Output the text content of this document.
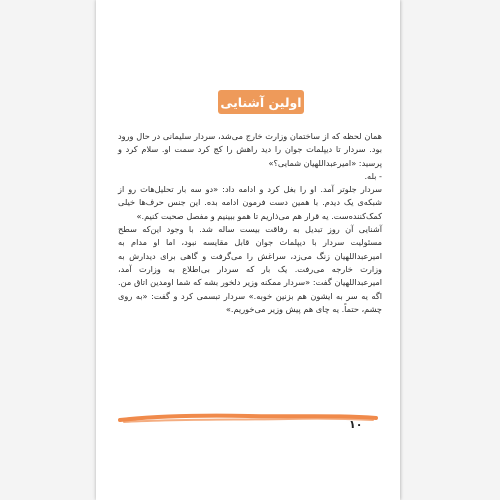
اولین آشنایی

همان لحظه که از ساختمان وزارت خارج می‌شد، سردار سلیمانی در حال ورود بود. سردار تا دیپلمات جوان را دید راهش را کج کرد سمت او. سلام کرد و پرسید: «امیرعبداللهیان شمایی؟»

- بله.

سردار جلوتر آمد. او را بغل کرد و ادامه داد: «دو سه بار تحلیل‌هات رو از شبکه‌ی یک دیدم. با همین دست فرمون ادامه بده. این جنس حرف‌ها خیلی کمک‌کننده‌ست. یه قرار هم می‌ذاریم تا همو ببینیم و مفصل صحبت کنیم.»

آشنایی آن روز تبدیل به رفاقت بیست ساله شد. با وجود این‌که سطح مسئولیت سردار با دیپلمات جوان قابل مقایسه نبود، اما او مدام به امیرعبداللهیان زنگ می‌زد، سراغش را می‌گرفت و گاهی برای دیدارش به وزارت خارجه می‌رفت. یک بار که سردار بی‌اطلاع به وزارت آمد، امیرعبداللهیان گفت: «سردار ممکنه وزیر دلخور بشه که شما اومدین اتاق من. اگه یه سر به ایشون هم بزنین خوبه.» سردار تبسمی کرد و گفت: «به روی چشم، حتماً. یه چای هم پیش وزیر می‌خوریم.»

۱۰
